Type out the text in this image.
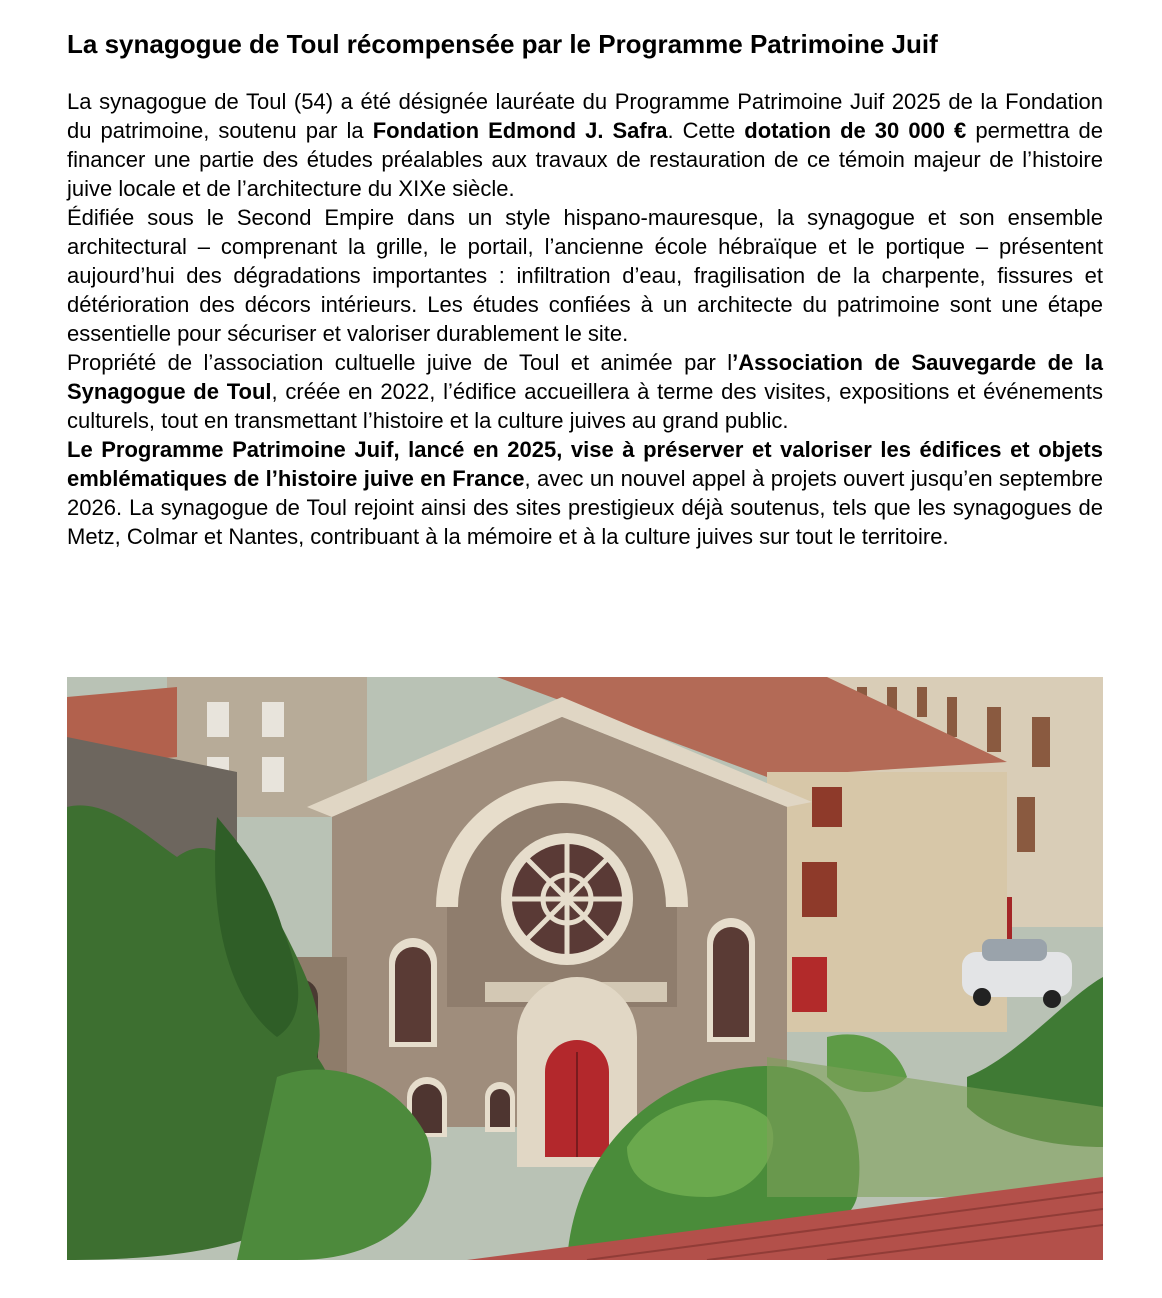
La synagogue de Toul récompensée par le Programme Patrimoine Juif

La synagogue de Toul (54) a été désignée lauréate du Programme Patrimoine Juif 2025 de la Fondation du patrimoine, soutenu par la Fondation Edmond J. Safra. Cette dotation de 30 000 € permettra de financer une partie des études préalables aux travaux de restauration de ce témoin majeur de l’histoire juive locale et de l’architecture du XIXe siècle.

Édifiée sous le Second Empire dans un style hispano-mauresque, la synagogue et son ensemble architectural – comprenant la grille, le portail, l’ancienne école hébraïque et le portique – présentent aujourd’hui des dégradations importantes : infiltration d’eau, fragilisation de la charpente, fissures et détérioration des décors intérieurs. Les études confiées à un architecte du patrimoine sont une étape essentielle pour sécuriser et valoriser durablement le site.

Propriété de l’association cultuelle juive de Toul et animée par l’Association de Sauvegarde de la Synagogue de Toul, créée en 2022, l’édifice accueillera à terme des visites, expositions et événements culturels, tout en transmettant l’histoire et la culture juives au grand public.

Le Programme Patrimoine Juif, lancé en 2025, vise à préserver et valoriser les édifices et objets emblématiques de l’histoire juive en France, avec un nouvel appel à projets ouvert jusqu’en septembre 2026. La synagogue de Toul rejoint ainsi des sites prestigieux déjà soutenus, tels que les synagogues de Metz, Colmar et Nantes, contribuant à la mémoire et à la culture juives sur tout le territoire.
